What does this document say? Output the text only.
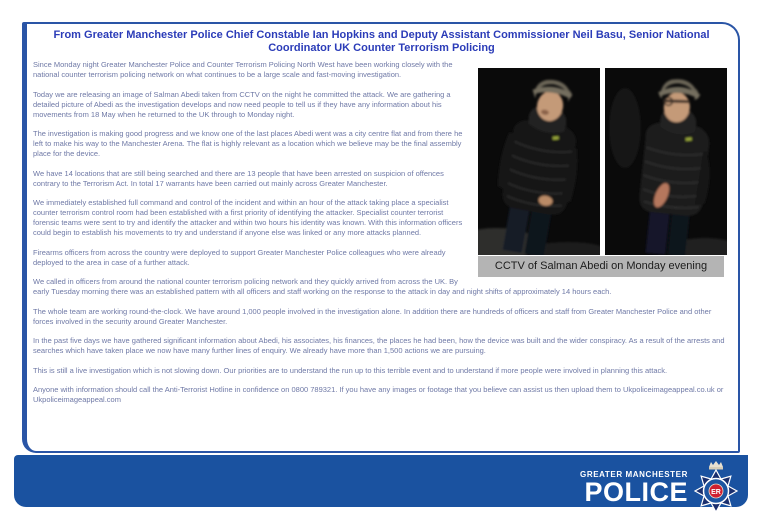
From Greater Manchester Police Chief Constable Ian Hopkins and Deputy Assistant Commissioner Neil Basu, Senior National Coordinator UK Counter Terrorism Policing
CCTV of Salman Abedi on Monday evening

Since Monday night Greater Manchester Police and Counter Terrorism Policing North West have been working closely with the national counter terrorism policing network on what continues to be a large scale and fast-moving investigation.

Today we are releasing an image of Salman Abedi taken from CCTV on the night he committed the attack. We are gathering a detailed picture of Abedi as the investigation develops and now need people to tell us if they have any information about his movements from 18 May when he returned to the UK through to Monday night.

The investigation is making good progress and we know one of the last places Abedi went was a city centre flat and from there he left to make his way to the Manchester Arena. The flat is highly relevant as a location which we believe may be the final assembly place for the device.

We have 14 locations that are still being searched and there are 13 people that have been arrested on suspicion of offences contrary to the Terrorism Act. In total 17 warrants have been carried out mainly across Greater Manchester.

We immediately established full command and control of the incident and within an hour of the attack taking place a specialist counter terrorism control room had been established with a first priority of identifying the attacker. Specialist counter terrorist forensic teams were sent to try and identify the attacker and within two hours his identity was known. With this information officers could begin to establish his movements to try and understand if anyone else was linked or any more attacks planned.

Firearms officers from across the country were deployed to support Greater Manchester Police colleagues who were already deployed to the area in case of a further attack.

We called in officers from around the national counter terrorism policing network and they quickly arrived from across the UK. By early Tuesday morning there was an established pattern with all officers and staff working on the response to the attack in day and night shifts of approximately 14 hours each.

The whole team are working round-the-clock. We have around 1,000 people involved in the investigation alone. In addition there are hundreds of officers and staff from Greater Manchester Police and other forces involved in the security around Greater Manchester.

In the past five days we have gathered significant information about Abedi, his associates, his finances, the places he had been, how the device was built and the wider conspiracy. As a result of the arrests and searches which have taken place we now have many further lines of enquiry. We already have more than 1,500 actions we are pursuing.

This is still a live investigation which is not slowing down. Our priorities are to understand the run up to this terrible event and to understand if more people were involved in planning this attack.

Anyone with information should call the Anti-Terrorist Hotline in confidence on 0800 789321. If you have any images or footage that you believe can assist us then upload them to Ukpoliceimageappeal.co.uk or Ukpoliceimageappeal.com

GREATER MANCHESTER
POLICE	ER
